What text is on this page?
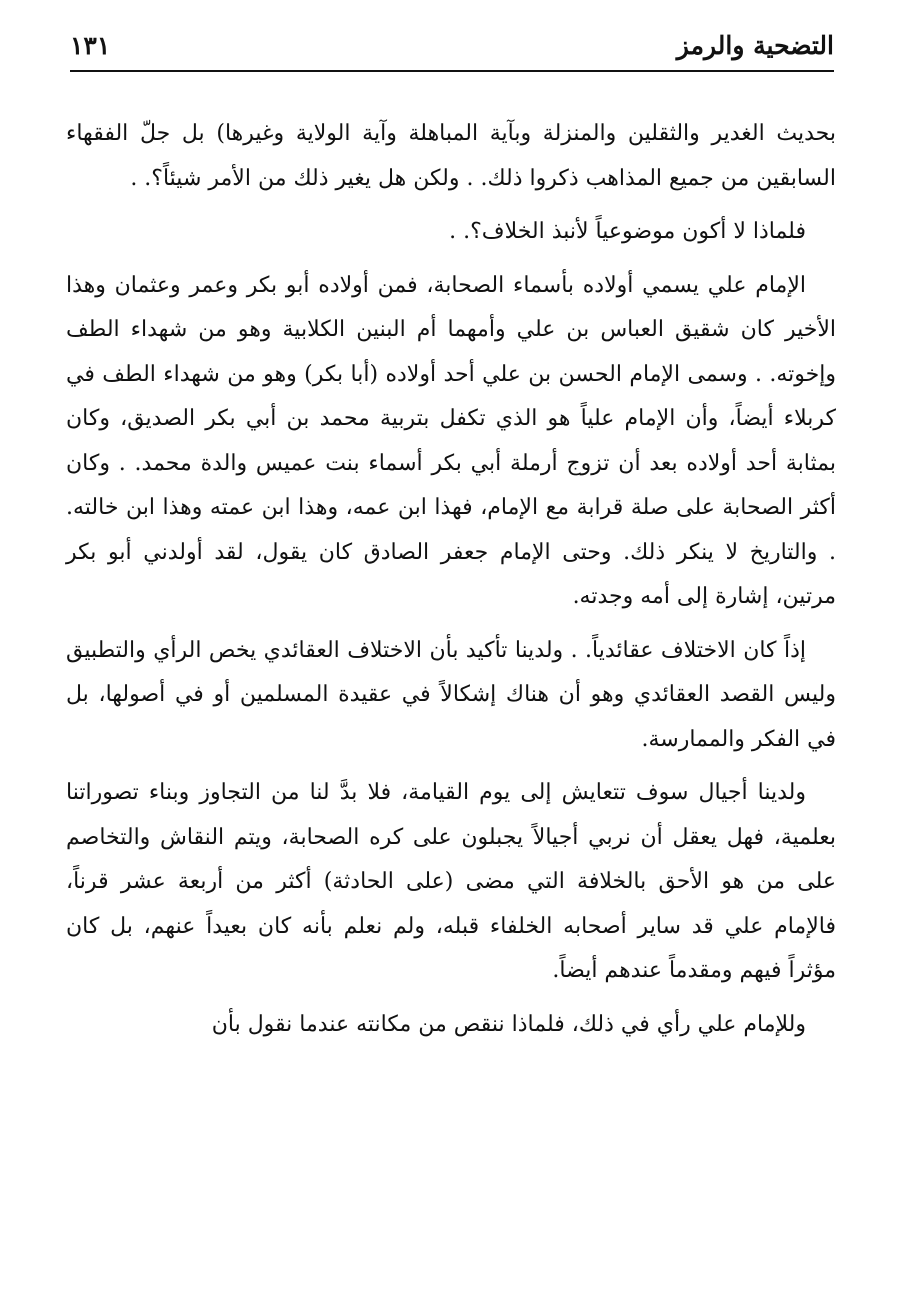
التضحية والرمز
١٣١

بحديث الغدير والثقلين والمنزلة وبآية المباهلة وآية الولاية وغيرها) بل جلّ الفقهاء السابقين من جميع المذاهب ذكروا ذلك. . ولكن هل يغير ذلك من الأمر شيئاً؟. .

فلماذا لا أكون موضوعياً لأنبذ الخلاف؟. .

الإمام علي يسمي أولاده بأسماء الصحابة، فمن أولاده أبو بكر وعمر وعثمان وهذا الأخير كان شقيق العباس بن علي وأمهما أم البنين الكلابية وهو من شهداء الطف وإخوته. . وسمى الإمام الحسن بن علي أحد أولاده (أبا بكر) وهو من شهداء الطف في كربلاء أيضاً، وأن الإمام علياً هو الذي تكفل بتربية محمد بن أبي بكر الصديق، وكان بمثابة أحد أولاده بعد أن تزوج أرملة أبي بكر أسماء بنت عميس والدة محمد. . وكان أكثر الصحابة على صلة قرابة مع الإمام، فهذا ابن عمه، وهذا ابن عمته وهذا ابن خالته. . والتاريخ لا ينكر ذلك. وحتى الإمام جعفر الصادق كان يقول، لقد أولدني أبو بكر مرتين، إشارة إلى أمه وجدته.

إذاً كان الاختلاف عقائدياً. . ولدينا تأكيد بأن الاختلاف العقائدي يخص الرأي والتطبيق وليس القصد العقائدي وهو أن هناك إشكالاً في عقيدة المسلمين أو في أصولها، بل في الفكر والممارسة.

ولدينا أجيال سوف تتعايش إلى يوم القيامة، فلا بدَّ لنا من التجاوز وبناء تصوراتنا بعلمية، فهل يعقل أن نربي أجيالاً يجبلون على كره الصحابة، ويتم النقاش والتخاصم على من هو الأحق بالخلافة التي مضى (على الحادثة) أكثر من أربعة عشر قرناً، فالإمام علي قد ساير أصحابه الخلفاء قبله، ولم نعلم بأنه كان بعيداً عنهم، بل كان مؤثراً فيهم ومقدماً عندهم أيضاً.

وللإمام علي رأي في ذلك، فلماذا ننقص من مكانته عندما نقول بأن
